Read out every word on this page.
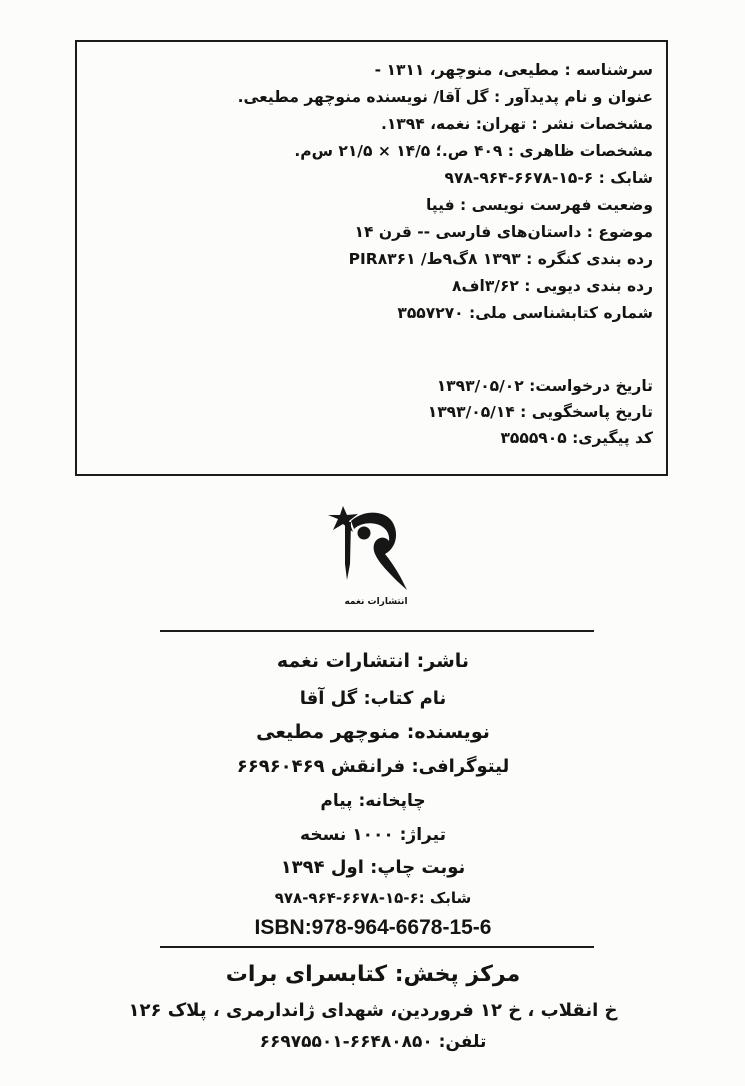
سرشناسه : مطیعی، منوچهر، ۱۳۱۱ -
عنوان و نام پدیدآور : گل آقا/ نویسنده منوچهر مطیعی.
مشخصات نشر : تهران: نغمه، ۱۳۹۴.
مشخصات ظاهری : ۴۰۹ ص.؛ ۱۴/۵ × ۲۱/۵ س‌م.
شابک : ۹۷۸-۹۶۴-۶۶۷۸-۱۵-۶
وضعیت فهرست نویسی : فیپا
موضوع : داستان‌های فارسی -- قرن ۱۴
رده بندی کنگره : PIR۸۳۶۱ /ط۹گ۸ ۱۳۹۳
رده بندی دیویی : ۸فا۳/۶۲
شماره کتابشناسی ملی: ۳۵۵۷۲۷۰
تاریخ درخواست: ۱۳۹۳/۰۵/۰۲
تاریخ پاسخگویی : ۱۳۹۳/۰۵/۱۴
کد پیگیری: ۳۵۵۵۹۰۵
انتشارات نغمه
ناشر: انتشارات نغمه
نام کتاب: گل آقا
نویسنده: منوچهر مطیعی
لیتوگرافی: فرانقش ۶۶۹۶۰۴۶۹
چاپخانه: پیام
تیراژ: ۱۰۰۰ نسخه
نوبت چاپ: اول ۱۳۹۴
شابک :۹۷۸-۹۶۴-۶۶۷۸-۱۵-۶
ISBN:978-964-6678-15-6
مرکز پخش: کتابسرای برات
خ انقلاب ، خ ۱۲ فروردین، شهدای ژاندارمری ، پلاک ۱۲۶
تلفن: ۶۶۹۷۵۵۰۱-۶۶۴۸۰۸۵۰
